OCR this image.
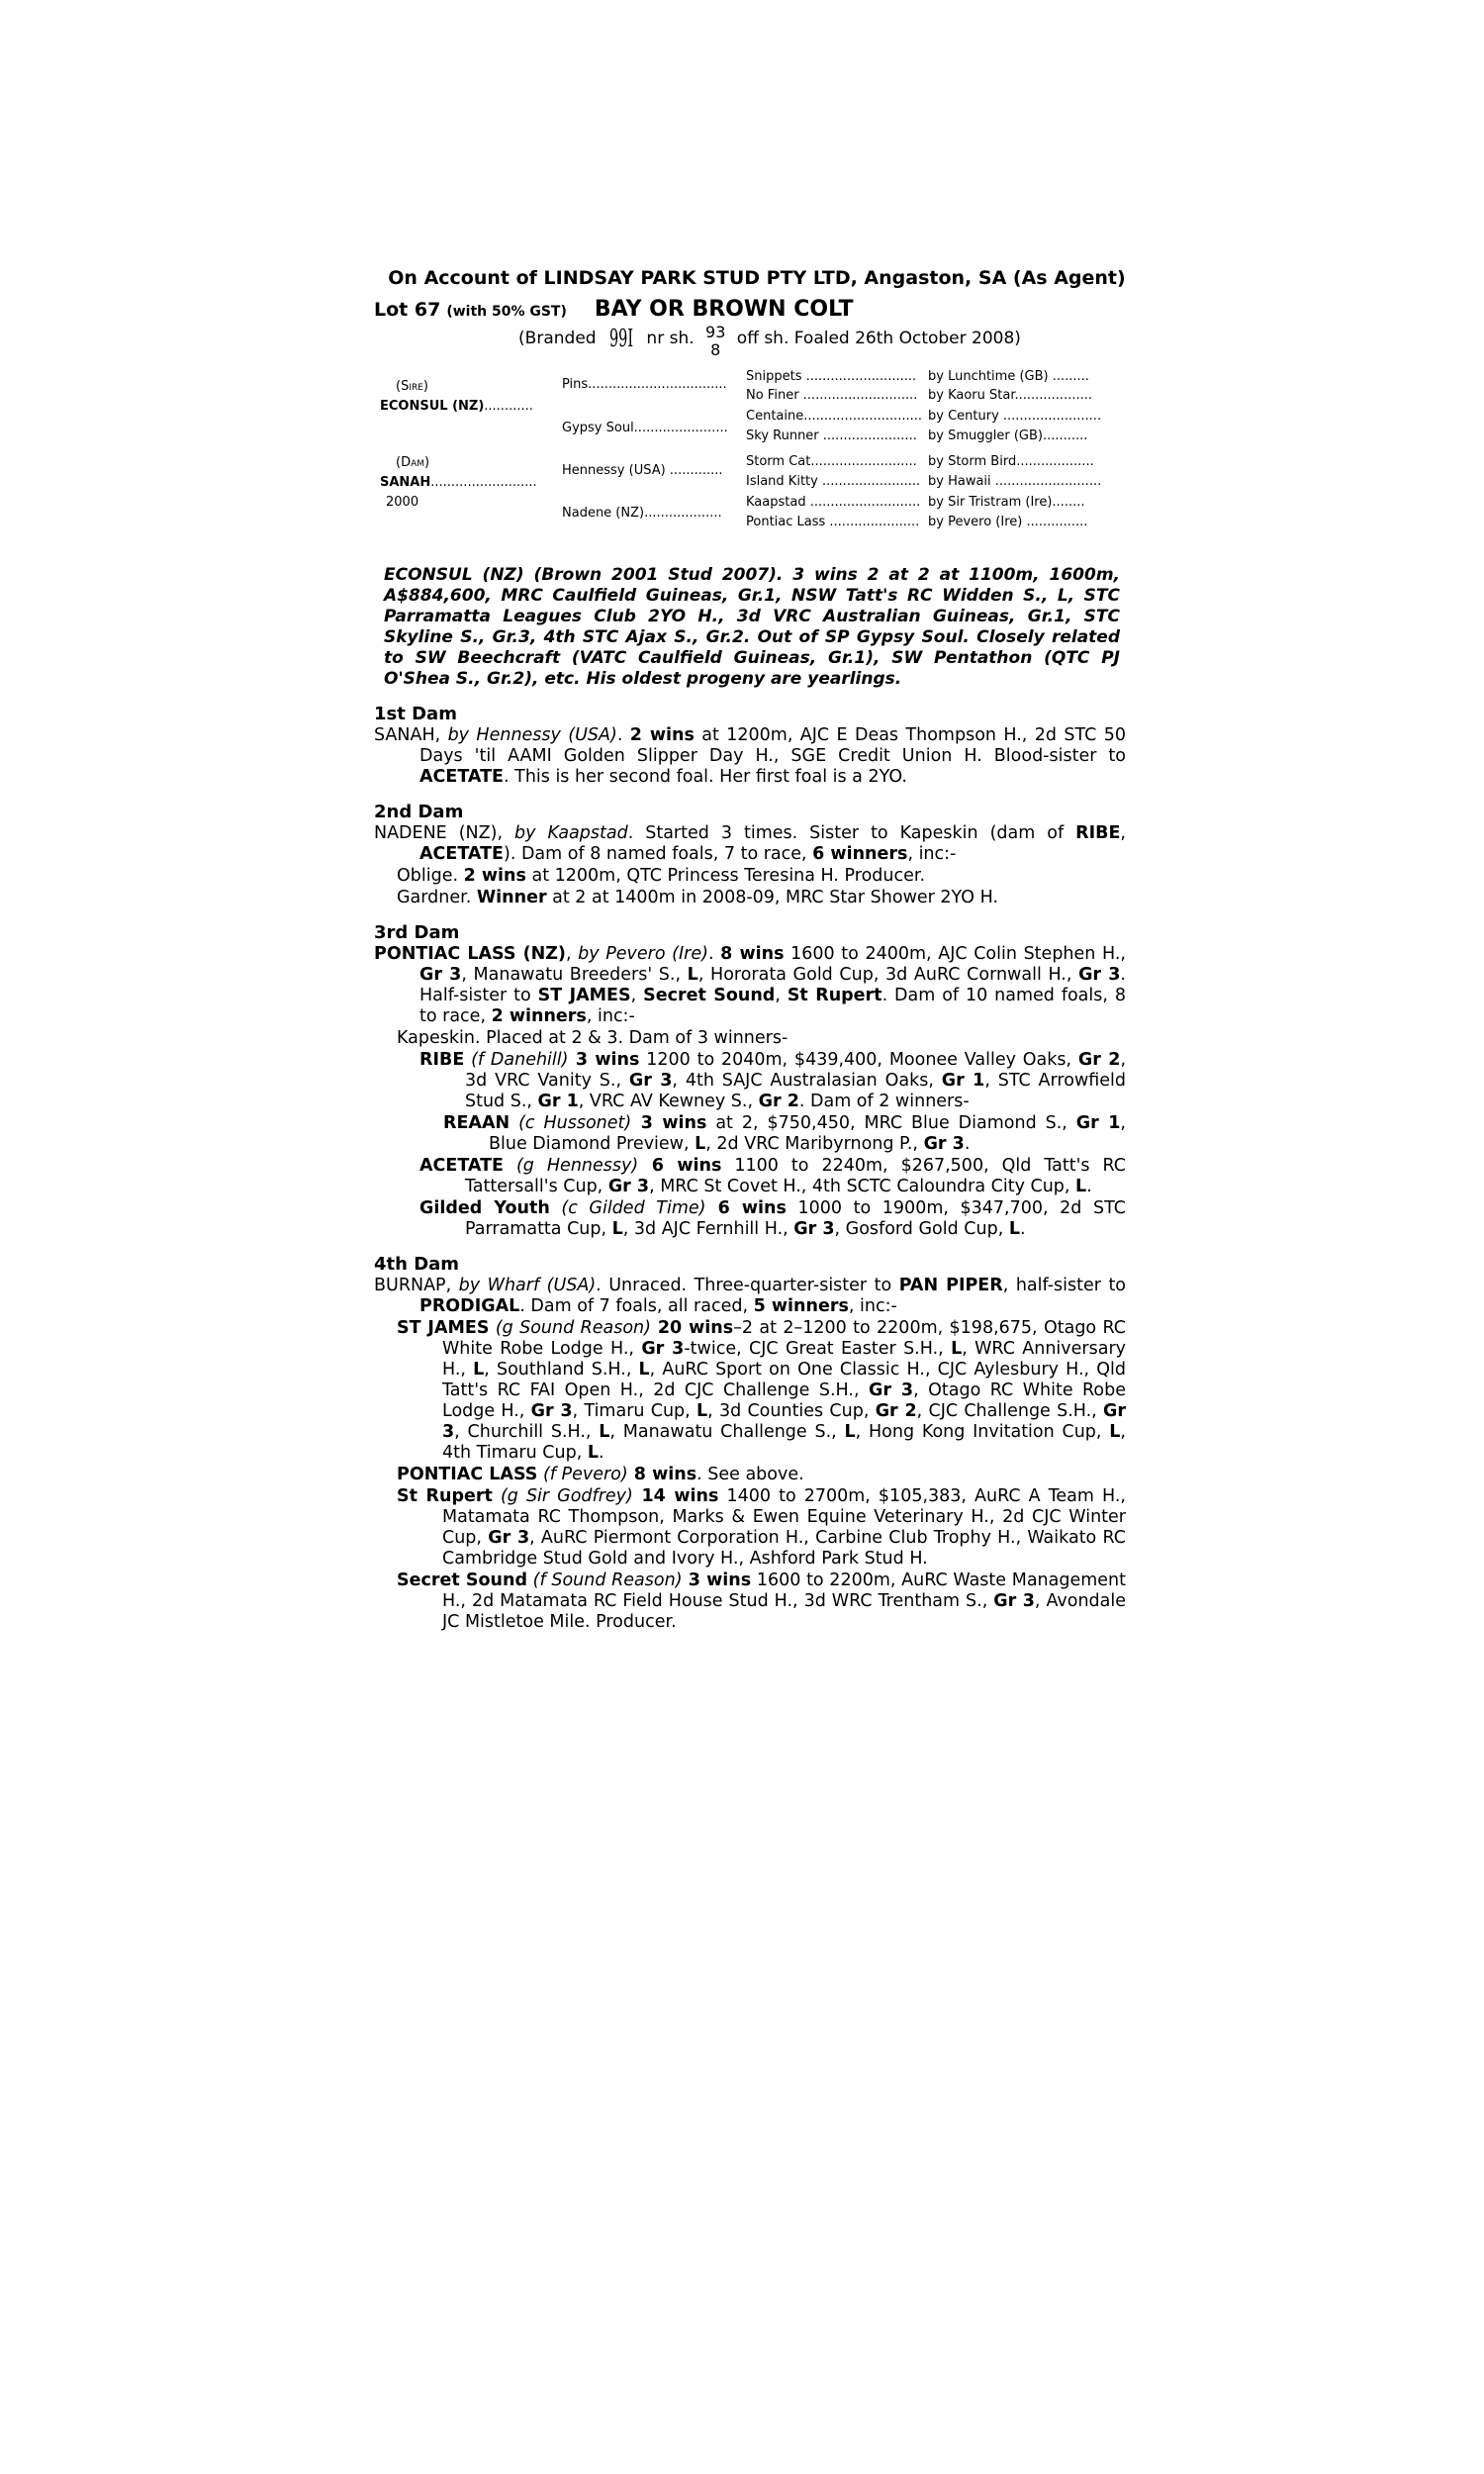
On Account of LINDSAY PARK STUD PTY LTD, Angaston, SA (As Agent)
Lot 67 (with 50% GST) BAY OR BROWN COLT
(Branded 99I nr sh. 93
8
off sh. Foaled 26th October 2008)
(Sire)
ECONSUL (NZ)............
(Dam)
SANAH..........................
2000
Pins..................................
Gypsy Soul.......................
Hennessy (USA) .............
Nadene (NZ)...................
Snippets ...........................
No Finer ............................
Centaine.............................
Sky Runner .......................
Storm Cat..........................
Island Kitty ........................
Kaapstad ...........................
Pontiac Lass ......................
by Lunchtime (GB) .........
by Kaoru Star...................
by Century ........................
by Smuggler (GB)...........
by Storm Bird...................
by Hawaii ..........................
by Sir Tristram (Ire)........
by Pevero (Ire) ...............
ECONSUL (NZ) (Brown 2001 Stud 2007). 3 wins 2 at 2 at 1100m, 1600m, A$884,600, MRC Caulfield Guineas, Gr.1, NSW Tatt's RC Widden S., L, STC Parramatta Leagues Club 2YO H., 3d VRC Australian Guineas, Gr.1, STC Skyline S., Gr.3, 4th STC Ajax S., Gr.2. Out of SP Gypsy Soul. Closely related to SW Beechcraft (VATC Caulfield Guineas, Gr.1), SW Pentathon (QTC PJ O'Shea S., Gr.2), etc. His oldest progeny are yearlings.
1st Dam
SANAH, by Hennessy (USA). 2 wins at 1200m, AJC E Deas Thompson H., 2d STC 50 Days 'til AAMI Golden Slipper Day H., SGE Credit Union H. Blood-sister to ACETATE. This is her second foal. Her first foal is a 2YO.
2nd Dam
NADENE (NZ), by Kaapstad. Started 3 times. Sister to Kapeskin (dam of RIBE, ACETATE). Dam of 8 named foals, 7 to race, 6 winners, inc:-
Oblige. 2 wins at 1200m, QTC Princess Teresina H. Producer.
Gardner. Winner at 2 at 1400m in 2008-09, MRC Star Shower 2YO H.
3rd Dam
PONTIAC LASS (NZ), by Pevero (Ire). 8 wins 1600 to 2400m, AJC Colin Stephen H., Gr 3, Manawatu Breeders' S., L, Hororata Gold Cup, 3d AuRC Cornwall H., Gr 3. Half-sister to ST JAMES, Secret Sound, St Rupert. Dam of 10 named foals, 8 to race, 2 winners, inc:-
Kapeskin. Placed at 2 & 3. Dam of 3 winners-
RIBE (f Danehill) 3 wins 1200 to 2040m, $439,400, Moonee Valley Oaks, Gr 2, 3d VRC Vanity S., Gr 3, 4th SAJC Australasian Oaks, Gr 1, STC Arrowfield Stud S., Gr 1, VRC AV Kewney S., Gr 2. Dam of 2 winners-
REAAN (c Hussonet) 3 wins at 2, $750,450, MRC Blue Diamond S., Gr 1, Blue Diamond Preview, L, 2d VRC Maribyrnong P., Gr 3.
ACETATE (g Hennessy) 6 wins 1100 to 2240m, $267,500, Qld Tatt's RC Tattersall's Cup, Gr 3, MRC St Covet H., 4th SCTC Caloundra City Cup, L.
Gilded Youth (c Gilded Time) 6 wins 1000 to 1900m, $347,700, 2d STC Parramatta Cup, L, 3d AJC Fernhill H., Gr 3, Gosford Gold Cup, L.
4th Dam
BURNAP, by Wharf (USA). Unraced. Three-quarter-sister to PAN PIPER, half-sister to PRODIGAL. Dam of 7 foals, all raced, 5 winners, inc:-
ST JAMES (g Sound Reason) 20 wins–2 at 2–1200 to 2200m, $198,675, Otago RC White Robe Lodge H., Gr 3-twice, CJC Great Easter S.H., L, WRC Anniversary H., L, Southland S.H., L, AuRC Sport on One Classic H., CJC Aylesbury H., Qld Tatt's RC FAI Open H., 2d CJC Challenge S.H., Gr 3, Otago RC White Robe Lodge H., Gr 3, Timaru Cup, L, 3d Counties Cup, Gr 2, CJC Challenge S.H., Gr 3, Churchill S.H., L, Manawatu Challenge S., L, Hong Kong Invitation Cup, L, 4th Timaru Cup, L.
PONTIAC LASS (f Pevero) 8 wins. See above.
St Rupert (g Sir Godfrey) 14 wins 1400 to 2700m, $105,383, AuRC A Team H., Matamata RC Thompson, Marks & Ewen Equine Veterinary H., 2d CJC Winter Cup, Gr 3, AuRC Piermont Corporation H., Carbine Club Trophy H., Waikato RC Cambridge Stud Gold and Ivory H., Ashford Park Stud H.
Secret Sound (f Sound Reason) 3 wins 1600 to 2200m, AuRC Waste Management H., 2d Matamata RC Field House Stud H., 3d WRC Trentham S., Gr 3, Avondale JC Mistletoe Mile. Producer.
